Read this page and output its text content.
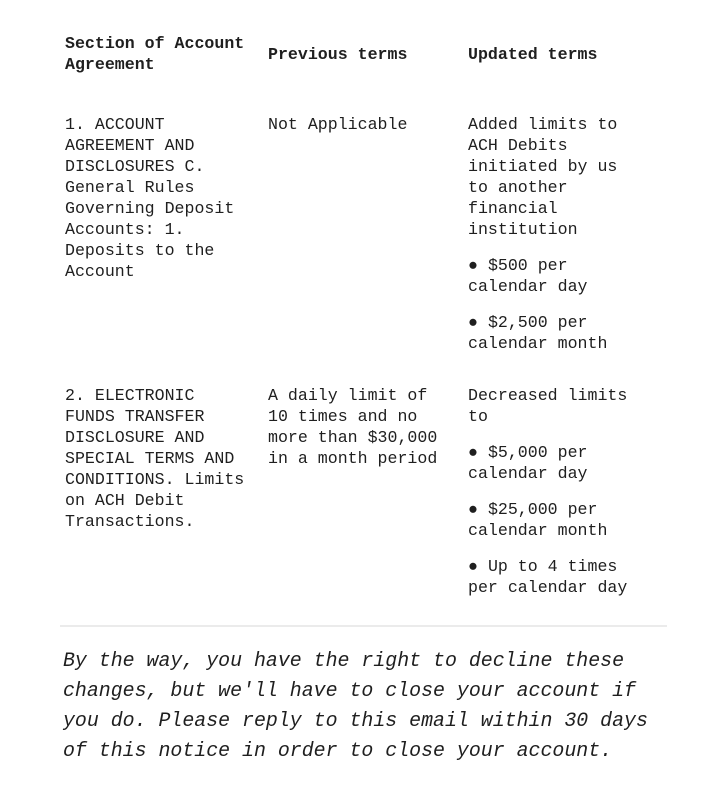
Section of Account Agreement

Previous terms	Updated terms

1. ACCOUNT AGREEMENT AND DISCLOSURES C. General Rules Governing Deposit Accounts: 1. Deposits to the Account

Not Applicable	Added limits to ACH Debits initiated by us to another financial institution

● $500 per calendar day

● $2,500 per calendar month

2. ELECTRONIC FUNDS TRANSFER DISCLOSURE AND SPECIAL TERMS AND CONDITIONS. Limits on ACH Debit Transactions.

A daily limit of 10 times and no more than $30,000 in a month period

Decreased limits to

● $5,000 per calendar day

● $25,000 per calendar month

● Up to 4 times per calendar day

By the way, you have the right to decline these changes, but we'll have to close your account if you do. Please reply to this email within 30 days of this notice in order to close your account.
